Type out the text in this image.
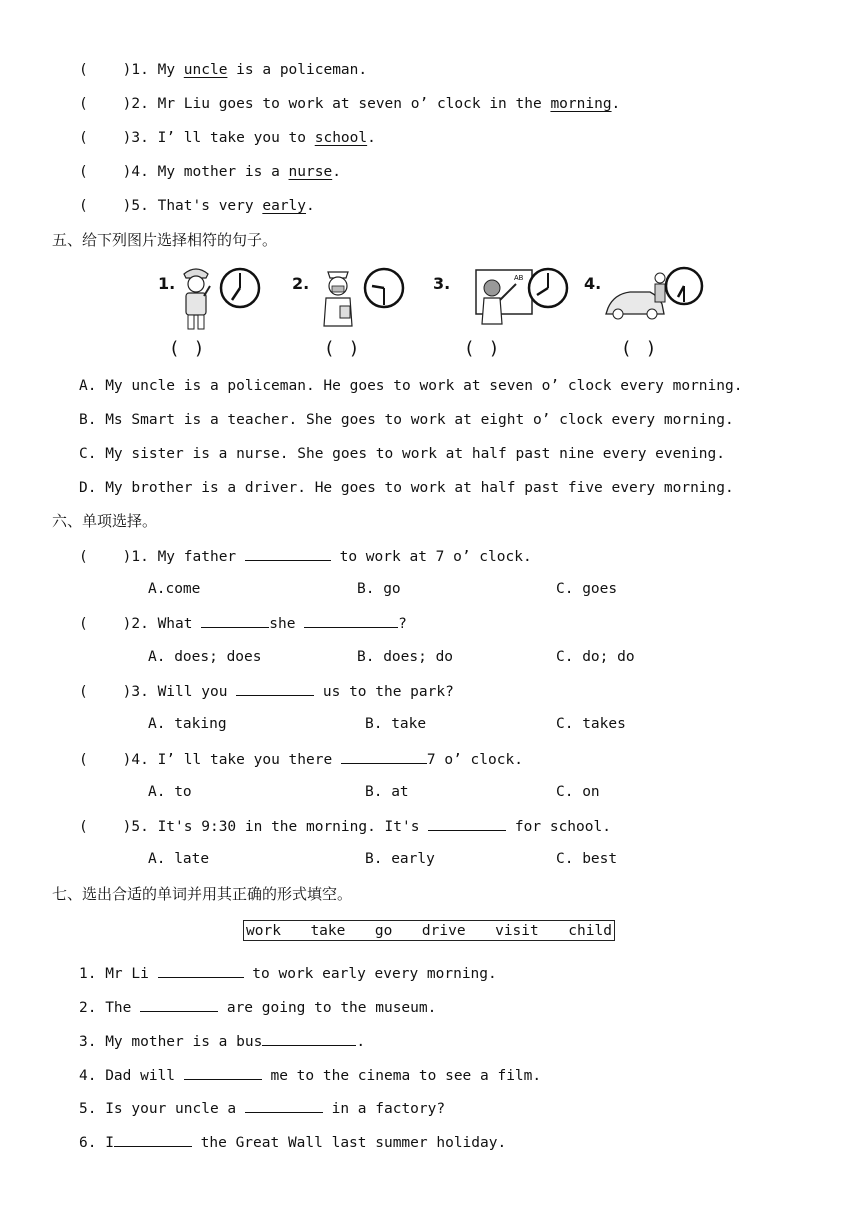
(    )1. My uncle is a policeman.
(    )2. Mr Liu goes to work at seven o’ clock in the morning.
(    )3. I’ ll take you to school.
(    )4. My mother is a nurse.
(    )5. That's very early.
五、给下列图片选择相符的句子。
1.
(   )
2.
(   )
3.	AB
(   )
4.
(   )
A. My uncle is a policeman. He goes to work at seven o’ clock every morning.
B. Ms Smart is a teacher. She goes to work at eight o’ clock every morning.
C. My sister is a nurse. She goes to work at half past nine every evening.
D. My brother is a driver. He goes to work at half past five every morning.
六、单项选择。
(    )1. My father	to work at 7 o’ clock.
A.come	B. go	C. goes
(    )2. What	she	?
A. does; does	B. does; do	C. do; do
(    )3. Will you	us to the park?
A. taking	B. take	C. takes
(    )4. I’ ll take you there	7 o’ clock.
A. to	B. at	C. on
(    )5. It's 9:30 in the morning. It's	for school.
A. late	B. early	C. best
七、选出合适的单词并用其正确的形式填空。
work take go drive visit child
1. Mr Li	to work early every morning.
2. The	are going to the museum.
3. My mother is a bus	.
4. Dad will	me to the cinema to see a film.
5. Is your uncle a	in a factory?
6. I	the Great Wall last summer holiday.
